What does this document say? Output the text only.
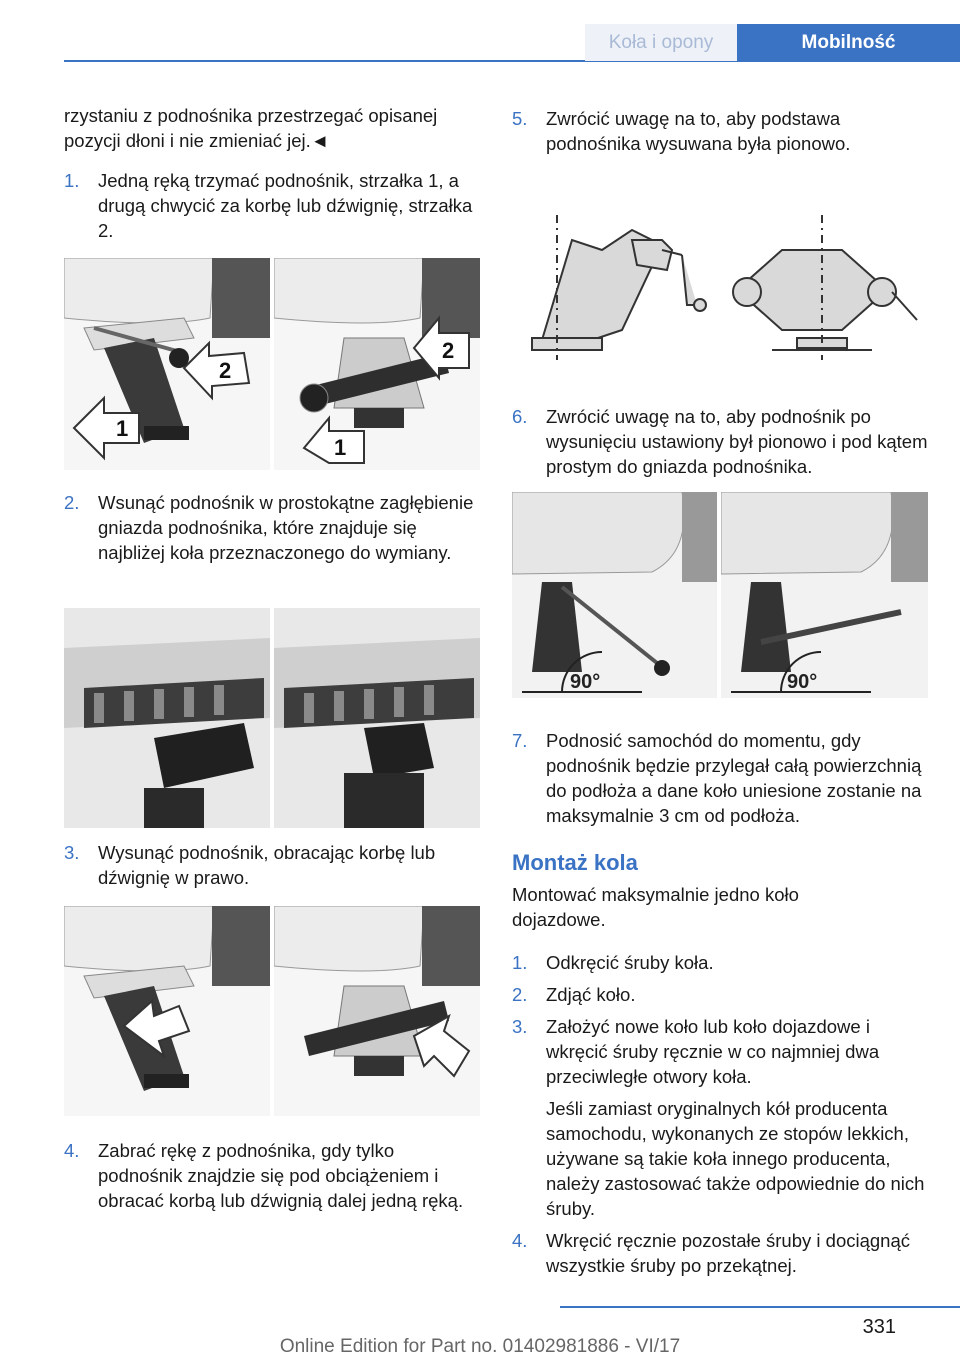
Koła i opony	Mobilność

rzystaniu z podnośnika przestrzegać opisanej pozycji dłoni i nie zmieniać jej.◄

1.	Jedną ręką trzymać podnośnik, strzałka 1, a drugą chwycić za korbę lub dźwignię, strzałka 2.
1
2
2
1
2.	Wsunąć podnośnik w prostokątne zagłębienie gniazda podnośnika, które znajduje się najbliżej koła przeznaczonego do wymiany.
3.	Wysunąć podnośnik, obracając korbę lub dźwignię w prawo.
4.	Zabrać rękę z podnośnika, gdy tylko podnośnik znajdzie się pod obciążeniem i obracać korbą lub dźwignią dalej jedną ręką.
5.	Zwrócić uwagę na to, aby podstawa podnośnika wysuwana była pionowo.
6.	Zwrócić uwagę na to, aby podnośnik po wysunięciu ustawiony był pionowo i pod kątem prostym do gniazda podnośnika.
90°	90°
7.	Podnosić samochód do momentu, gdy podnośnik będzie przylegał całą powierzchnią do podłoża a dane koło uniesione zostanie na maksymalnie 3 cm od podłoża.
Montaż kola

Montować maksymalnie jedno koło dojazdowe.

1.	Odkręcić śruby koła.
2.	Zdjąć koło.
3.	Założyć nowe koło lub koło dojazdowe i wkręcić śruby ręcznie w co najmniej dwa przeciwległe otwory koła.
Jeśli zamiast oryginalnych kół producenta samochodu, wykonanych ze stopów lekkich, używane są takie koła innego producenta, należy zastosować także odpowiednie do nich śruby.
4.	Wkręcić ręcznie pozostałe śruby i dociągnąć wszystkie śruby po przekątnej.
331
Online Edition for Part no. 01402981886 - VI/17
